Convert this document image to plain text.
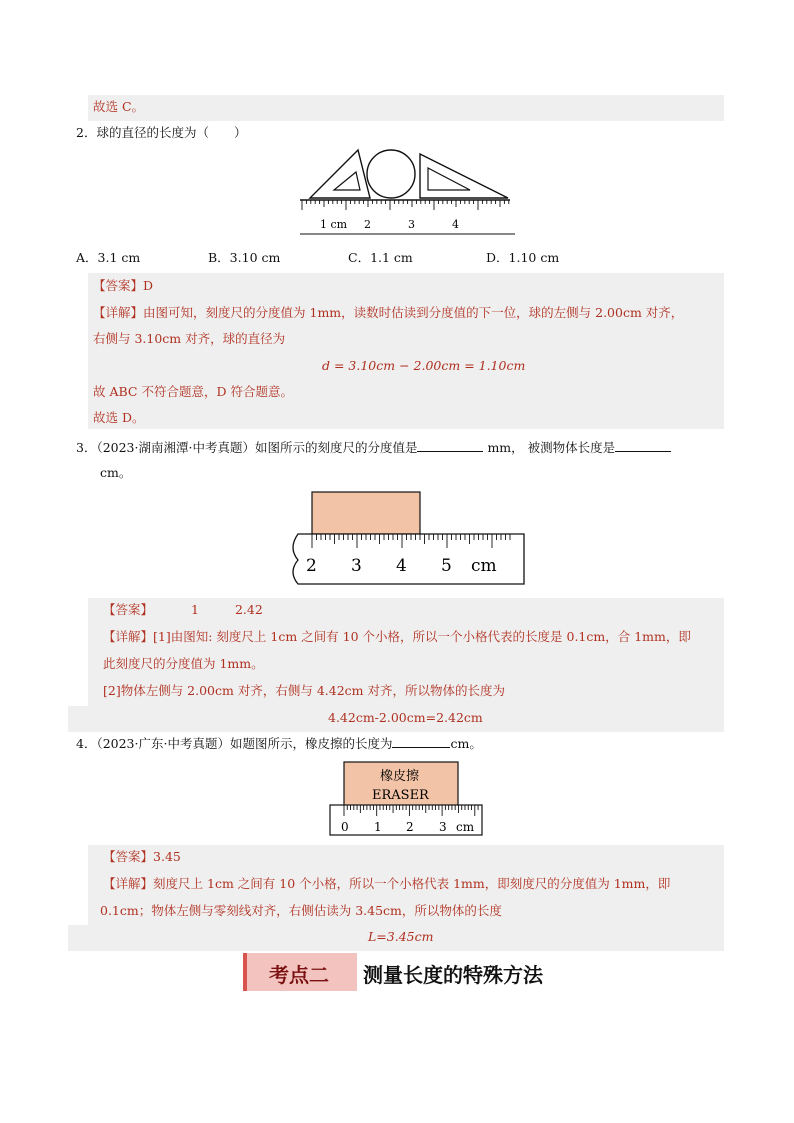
故选 C。
2．球的直径的长度为（　　）
1 cm 2	3	4
A．3.1 cm	B．3.10 cm	C．1.1 cm	D．1.10 cm
【答案】D
【详解】由图可知，刻度尺的分度值为 1mm，读数时估读到分度值的下一位，球的左侧与 2.00cm 对齐，
右侧与 3.10cm 对齐，球的直径为
d = 3.10cm − 2.00cm = 1.10cm
故 ABC 不符合题意，D 符合题意。
故选 D。
3．（2023·湖南湘潭·中考真题）如图所示的刻度尺的分度值是	mm， 被测物体长度是
cm。
2 3 4 5 cm
【答案】	1	2.42
【详解】[1]由图知: 刻度尺上 1cm 之间有 10 个小格，所以一个小格代表的长度是 0.1cm，合 1mm，即
此刻度尺的分度值为 1mm。
[2]物体左侧与 2.00cm 对齐，右侧与 4.42cm 对齐，所以物体的长度为
4.42cm-2.00cm=2.42cm
4．（2023·广东·中考真题）如题图所示，橡皮擦的长度为	cm。
橡皮擦
ERASER
0 1 2 3 cm
【答案】3.45
【详解】刻度尺上 1cm 之间有 10 个小格，所以一个小格代表 1mm，即刻度尺的分度值为 1mm，即
0.1cm；物体左侧与零刻线对齐，右侧估读为 3.45cm，所以物体的长度
L=3.45cm
考点二 测量长度的特殊方法
